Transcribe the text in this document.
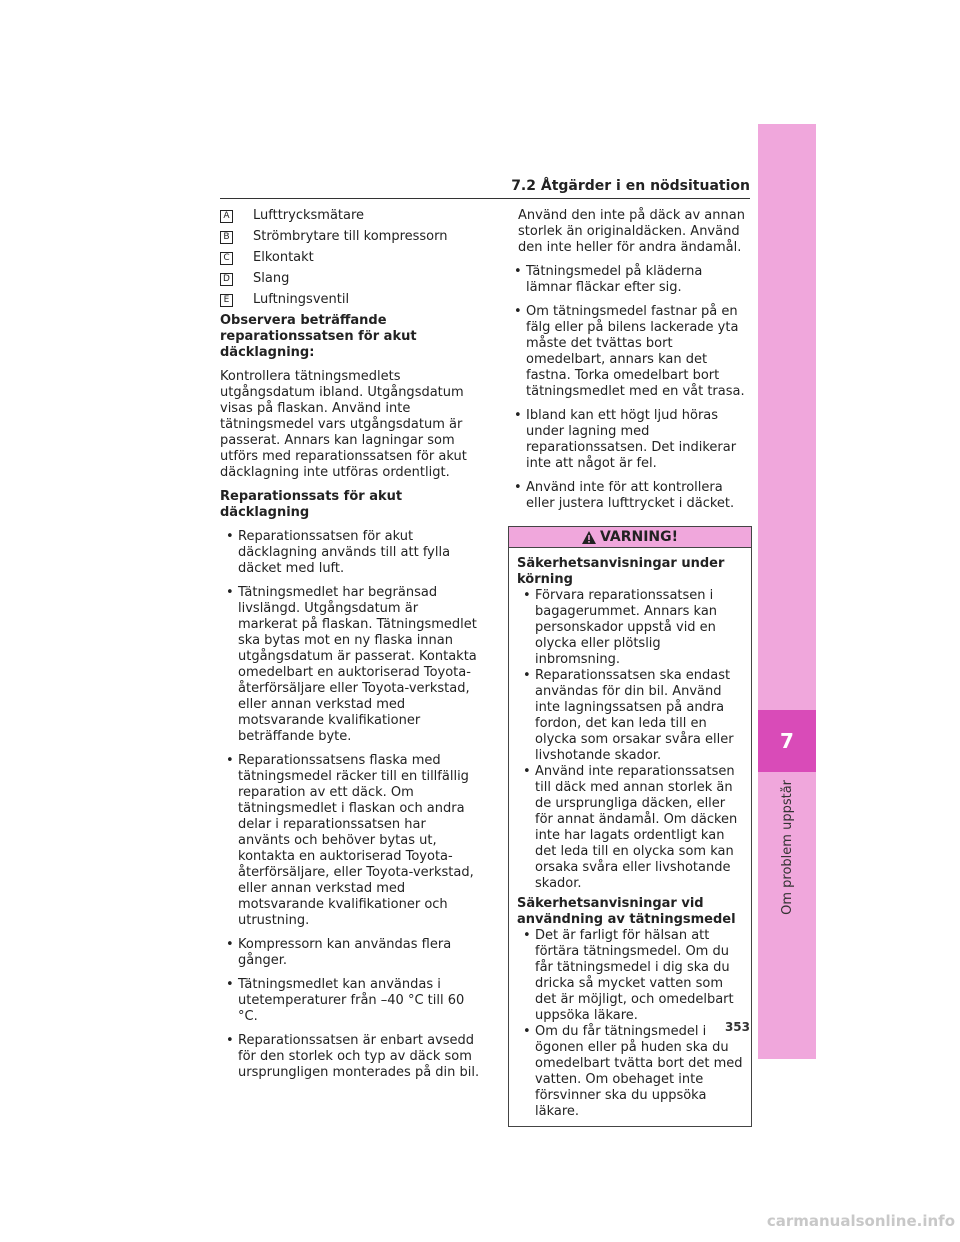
7
Om problem uppstår
7.2 Åtgärder i en nödsituation
A Lufttrycksmätare
B Strömbrytare till kompressorn
C Elkontakt
D Slang
E Luftningsventil

Observera beträffande reparationssatsen för akut däcklagning:

Kontrollera tätningsmedlets utgångsdatum ibland. Utgångsdatum visas på flaskan. Använd inte tätningsmedel vars utgångsdatum är passerat. Annars kan lagningar som utförs med reparationssatsen för akut däcklagning inte utföras ordentligt.

Reparationssats för akut däcklagning

• Reparationssatsen för akut däcklagning används till att fylla däcket med luft.
• Tätningsmedlet har begränsad livslängd. Utgångsdatum är markerat på flaskan. Tätningsmedlet ska bytas mot en ny flaska innan utgångsdatum är passerat. Kontakta omedelbart en auktoriserad Toyota-återförsäljare eller Toyota-verkstad, eller annan verkstad med motsvarande kvalifikationer beträffande byte.
• Reparationssatsens flaska med tätningsmedel räcker till en tillfällig reparation av ett däck. Om tätningsmedlet i flaskan och andra delar i reparationssatsen har använts och behöver bytas ut, kontakta en auktoriserad Toyota-återförsäljare, eller Toyota-verkstad, eller annan verkstad med motsvarande kvalifikationer och utrustning.
• Kompressorn kan användas flera gånger.
• Tätningsmedlet kan användas i utetemperaturer från –40 °C till 60 °C.
• Reparationssatsen är enbart avsedd för den storlek och typ av däck som ursprungligen monterades på din bil.

Använd den inte på däck av annan storlek än originaldäcken. Använd den inte heller för andra ändamål.

• Tätningsmedel på kläderna lämnar fläckar efter sig.
• Om tätningsmedel fastnar på en fälg eller på bilens lackerade yta måste det tvättas bort omedelbart, annars kan det fastna. Torka omedelbart bort tätningsmedlet med en våt trasa.
• Ibland kan ett högt ljud höras under lagning med reparationssatsen. Det indikerar inte att något är fel.
• Använd inte för att kontrollera eller justera lufttrycket i däcket.
VARNING!

Säkerhetsanvisningar under körning

• Förvara reparationssatsen i bagagerummet. Annars kan personskador uppstå vid en olycka eller plötslig inbromsning.
• Reparationssatsen ska endast användas för din bil. Använd inte lagningssatsen på andra fordon, det kan leda till en olycka som orsakar svåra eller livshotande skador.
• Använd inte reparationssatsen till däck med annan storlek än de ursprungliga däcken, eller för annat ändamål. Om däcken inte har lagats ordentligt kan det leda till en olycka som kan orsaka svåra eller livshotande skador.

Säkerhetsanvisningar vid användning av tätningsmedel

• Det är farligt för hälsan att förtära tätningsmedel. Om du får tätningsmedel i dig ska du dricka så mycket vatten som det är möjligt, och omedelbart uppsöka läkare.
• Om du får tätningsmedel i ögonen eller på huden ska du omedelbart tvätta bort det med vatten. Om obehaget inte försvinner ska du uppsöka läkare.
353
carmanualsonline.info
